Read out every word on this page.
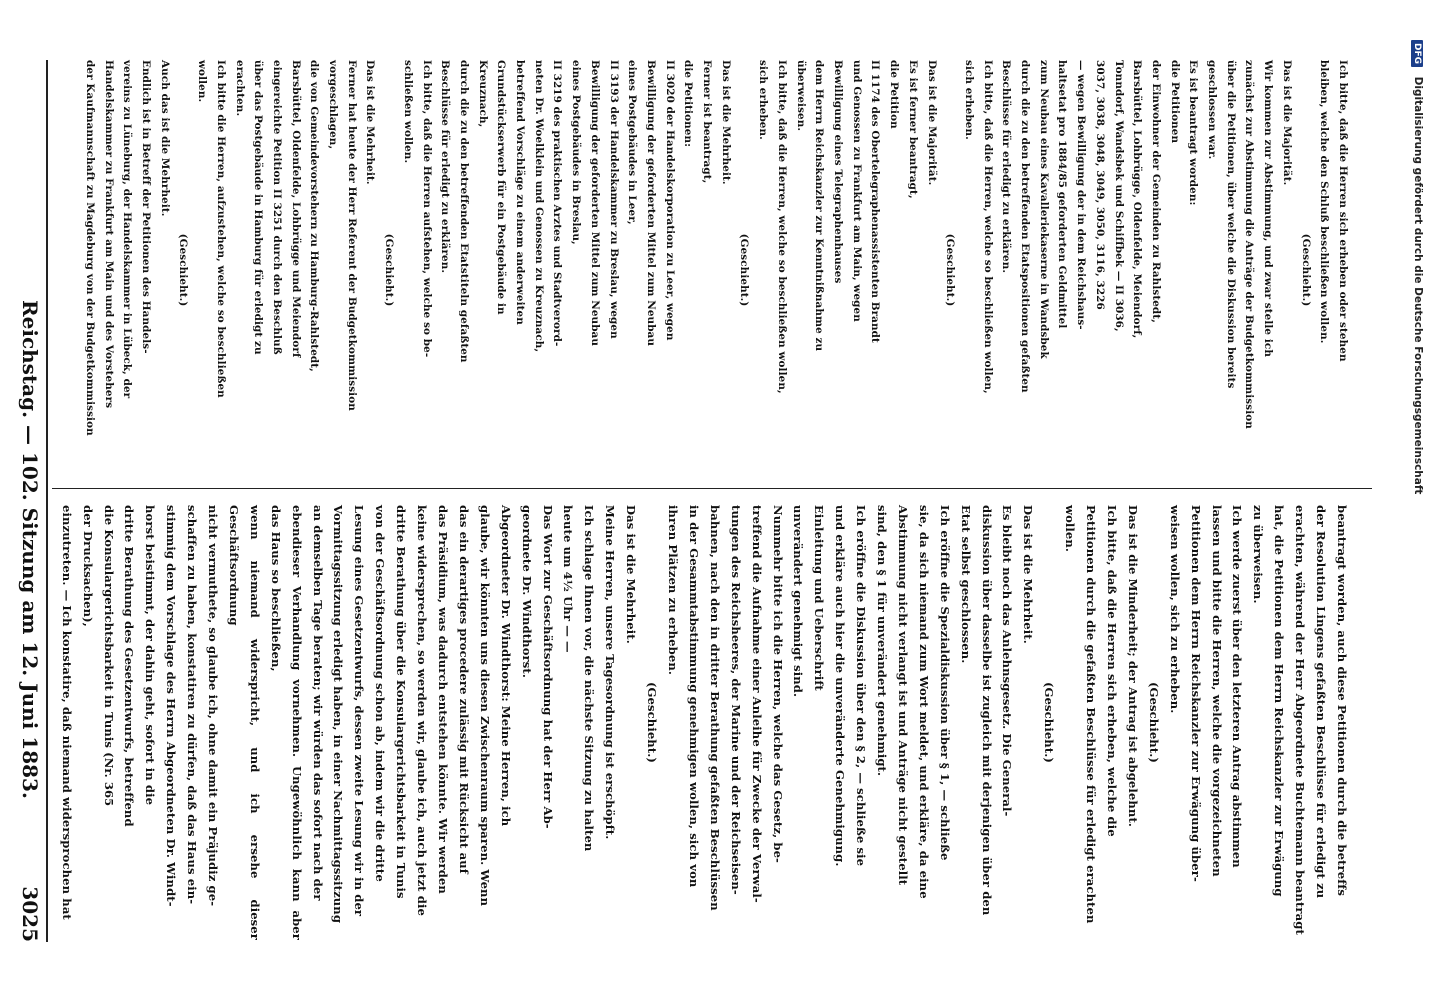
Reichstag. — 102. Sitzung am 12. Juni 1883.
3025

Ich bitte, daß die Herren sich erheben oder stehen

bleiben, welche den Schluß beschließen wollen.

(Geschieht.)

Das ist die Majorität.

Wir kommen zur Abstimmung, und zwar stelle ich

zunächst zur Abstimmung die Anträge der Budgetkommission

über die Petitionen, über welche die Diskussion bereits

geschlossen war.

Es ist beantragt worden:

die Petitionen

der Einwohner der Gemeinden zu Rahlstedt,

Barsbüttel, Lohbrügge, Oldenfelde, Meiendorf,

Tonndorf, Wandsbek und Schiffbek — II 3036,

3037, 3038, 3048, 3049, 3050, 3116, 3226

— wegen Bewilligung der in dem Reichshaus-

haltsetat pro 1884/85 geforderten Geldmittel

zum Neubau eines Kavalleriekaserne in Wandsbek

durch die zu den betreffenden Etatspositionen gefaßten

Beschlüsse für erledigt zu erklären.

Ich bitte, daß die Herren, welche so beschließen wollen,

sich erheben.

(Geschieht.)

Das ist die Majorität.

Es ist ferner beantragt,

die Petition

II 1174 des Obertelegraphenassistenten Brandt

und Genossen zu Frankfurt am Main, wegen

Bewilligung eines Telegraphenhauses

dem Herrn Reichskanzler zur Kenntnißnahme zu

überweisen.

Ich bitte, daß die Herren, welche so beschließen wollen,

sich erheben.

(Geschieht.)

Das ist die Mehrheit.

Ferner ist beantragt,

die Petitionen:

II 3020 der Handelskorporation zu Leer, wegen

Bewilligung der geforderten Mittel zum Neubau

eines Postgebäudes in Leer,

II 3193 der Handelskammer zu Breslau, wegen

Bewilligung der geforderten Mittel zum Neubau

eines Postgebäudes in Breslau,

II 3219 des praktischen Arztes und Stadtverord-

neten Dr. Woelklein und Genossen zu Kreuznach,

betreffend Vorschläge zu einem anderweiten

Grundstückserwerb für ein Postgebäude in

Kreuznach,

durch die zu den betreffenden Etatstiteln gefaßten

Beschlüsse für erledigt zu erklären.

Ich bitte, daß die Herren aufstehen, welche so be-

schließen wollen.

(Geschieht.)

Das ist die Mehrheit.

Ferner hat heute der Herr Referent der Budgetkommission

vorgeschlagen,

die von Gemeindevorstehern zu Hamburg-Rahlstedt,

Barsbüttel, Oldenfelde, Lohbrügge und Meiendorf

eingereichte Petition II 3251 durch den Beschluß

über das Postgebäude in Hamburg für erledigt zu

erachten.

Ich bitte die Herren, aufzustehen, welche so beschließen

wollen.

(Geschieht.)

Auch das ist die Mehrheit.

Endlich ist in Betreff der Petitionen des Handels-

vereins zu Lüneburg, der Handelskammer in Lübeck, der

Handelskammer zu Frankfurt am Main und des Vorstehers

der Kaufmannschaft zu Magdeburg von der Budgetkommission

beantragt worden, auch diese Petitionen durch die betreffs

der Resolution Lingens gefaßten Beschlüsse für erledigt zu

erachten, während der Herr Abgeordnete Buchtemann beantragt

hat, die Petitionen dem Herrn Reichskanzler zur Erwägung

zu überweisen.

Ich werde zuerst über den letzteren Antrag abstimmen

lassen und bitte die Herren, welche die vorgezeichneten

Petitionen dem Herrn Reichskanzler zur Erwägung über-

weisen wollen, sich zu erheben.

(Geschieht.)

Das ist die Minderheit; der Antrag ist abgelehnt.

Ich bitte, daß die Herren sich erheben, welche die

Petitionen durch die gefaßten Beschlüsse für erledigt erachten

wollen.

(Geschieht.)

Das ist die Mehrheit.

Es bleibt noch das Anlehnsgesetz. Die General-

diskussion über dasselbe ist zugleich mit derjenigen über den

Etat selbst geschlossen.

Ich eröffne die Spezialdiskussion über § 1, — schließe

sie, da sich niemand zum Wort meldet, und erkläre, da eine

Abstimmung nicht verlangt ist und Anträge nicht gestellt

sind, den § 1 für unverändert genehmigt.

Ich eröffne die Diskussion über den § 2, — schließe sie

und erkläre auch hier die unveränderte Genehmigung.

Einleitung und Ueberschrift

unverändert genehmigt sind.

Nummehr bitte ich die Herren, welche das Gesetz, be-

treffend die Aufnahme einer Anleihe für Zwecke der Verwal-

tungen des Reichsheeres, der Marine und der Reichseisen-

bahnen, nach den in dritter Berathung gefaßten Beschlüssen

in der Gesammtabstimmung genehmigen wollen, sich von

ihren Plätzen zu erheben.

(Geschieht.)

Das ist die Mehrheit.

Meine Herren, unsere Tagesordnung ist erschöpft.

Ich schlage Ihnen vor, die nächste Sitzung zu halten

heute um 4½ Uhr — —

Das Wort zur Geschäftsordnung hat der Herr Ab-

geordnete Dr. Windthorst.

Abgeordneter Dr. Windthorst: Meine Herren, ich

glaube, wir könnten uns diesen Zwischenraum sparen. Wenn

das ein derartiges procedere zulässig mit Rücksicht auf

das Präsidium, was dadurch entstehen könnte. Wir werden

keine widersprechen, so werden wir, glaube ich, auch jetzt die

dritte Berathung über die Konsulargerichtsbarkeit in Tunis

von der Geschäftsordnung schon ab, indem wir die dritte

Lesung eines Gesetzentwurfs, dessen zweite Lesung wir in der

Vormittagssitzung erledigt haben, in einer Nachmittagssitzung

an demselben Tage beraten; wir würden das sofort nach der

ebendieser Verhandlung vornehmen. Ungewöhnlich kann aber das Haus so beschließen,

wenn niemand widerspricht, und ich ersehe dieser Geschäftsordnung

nicht vermuthete, so glaube ich, ohne damit ein Präjudiz ge-

schaffen zu haben, konstatiren zu dürfen, daß das Haus ein-

stimmig dem Vorschlage des Herrn Abgeordneten Dr. Windt-

horst beistimmt, der dahin geht, sofort in die

dritte Berathung des Gesetzentwurfs, betreffend

die Konsulargerichtsbarkeit in Tunis (Nr. 365

der Drucksachen),

einzutreten. — Ich konstatire, daß niemand widersprochen hat

DFG Digitalisierung gefördert durch die Deutsche Forschungsgemeinschaft
